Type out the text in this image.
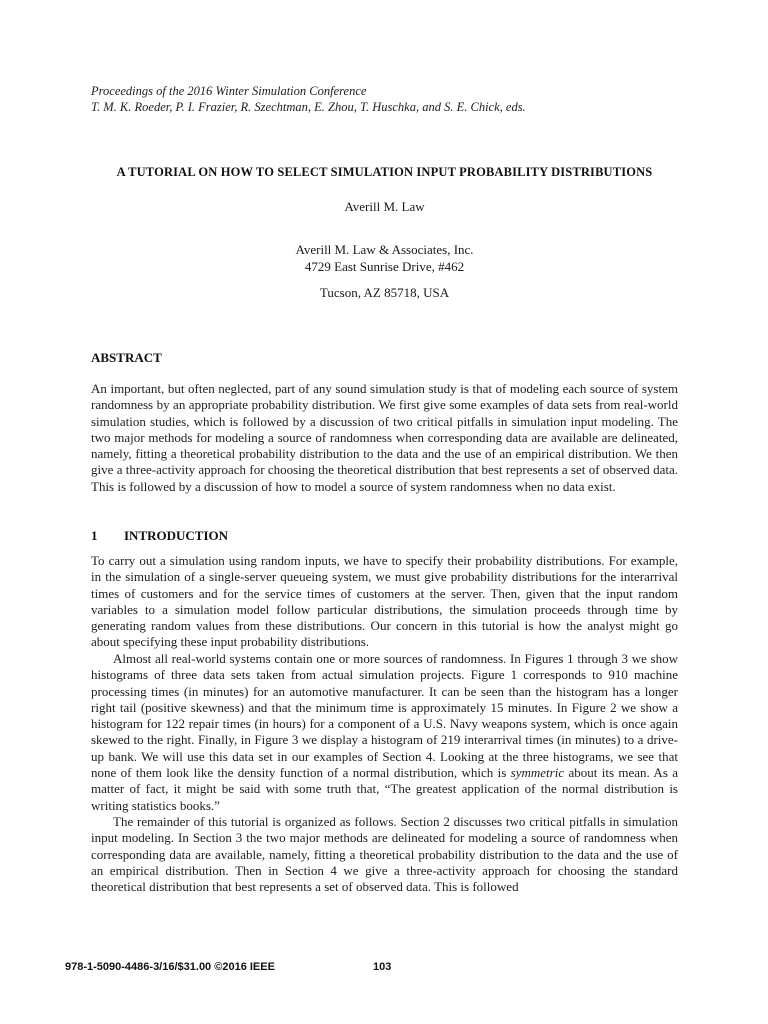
Proceedings of the 2016 Winter Simulation Conference
T. M. K. Roeder, P. I. Frazier, R. Szechtman, E. Zhou, T. Huschka, and S. E. Chick, eds.
A TUTORIAL ON HOW TO SELECT SIMULATION INPUT PROBABILITY DISTRIBUTIONS
Averill M. Law
Averill M. Law & Associates, Inc.
4729 East Sunrise Drive, #462
Tucson, AZ 85718, USA
ABSTRACT

An important, but often neglected, part of any sound simulation study is that of modeling each source of system randomness by an appropriate probability distribution. We first give some examples of data sets from real-world simulation studies, which is followed by a discussion of two critical pitfalls in simulation input modeling. The two major methods for modeling a source of randomness when corresponding data are available are delineated, namely, fitting a theoretical probability distribution to the data and the use of an empirical distribution. We then give a three-activity approach for choosing the theoretical distribution that best represents a set of observed data. This is followed by a discussion of how to model a source of system randomness when no data exist.

1 INTRODUCTION

To carry out a simulation using random inputs, we have to specify their probability distributions. For example, in the simulation of a single-server queueing system, we must give probability distributions for the interarrival times of customers and for the service times of customers at the server. Then, given that the input random variables to a simulation model follow particular distributions, the simulation proceeds through time by generating random values from these distributions. Our concern in this tutorial is how the analyst might go about specifying these input probability distributions.

Almost all real-world systems contain one or more sources of randomness. In Figures 1 through 3 we show histograms of three data sets taken from actual simulation projects. Figure 1 corresponds to 910 machine processing times (in minutes) for an automotive manufacturer. It can be seen than the histogram has a longer right tail (positive skewness) and that the minimum time is approximately 15 minutes. In Figure 2 we show a histogram for 122 repair times (in hours) for a component of a U.S. Navy weapons system, which is once again skewed to the right. Finally, in Figure 3 we display a histogram of 219 interarrival times (in minutes) to a drive-up bank. We will use this data set in our examples of Section 4. Looking at the three histograms, we see that none of them look like the density function of a normal distribution, which is symmetric about its mean. As a matter of fact, it might be said with some truth that, “The greatest application of the normal distribution is writing statistics books.”

The remainder of this tutorial is organized as follows. Section 2 discusses two critical pitfalls in simulation input modeling. In Section 3 the two major methods are delineated for modeling a source of randomness when corresponding data are available, namely, fitting a theoretical probability distribution to the data and the use of an empirical distribution. Then in Section 4 we give a three-activity approach for choosing the standard theoretical distribution that best represents a set of observed data. This is followed

978-1-5090-4486-3/16/$31.00 ©2016 IEEE	103
